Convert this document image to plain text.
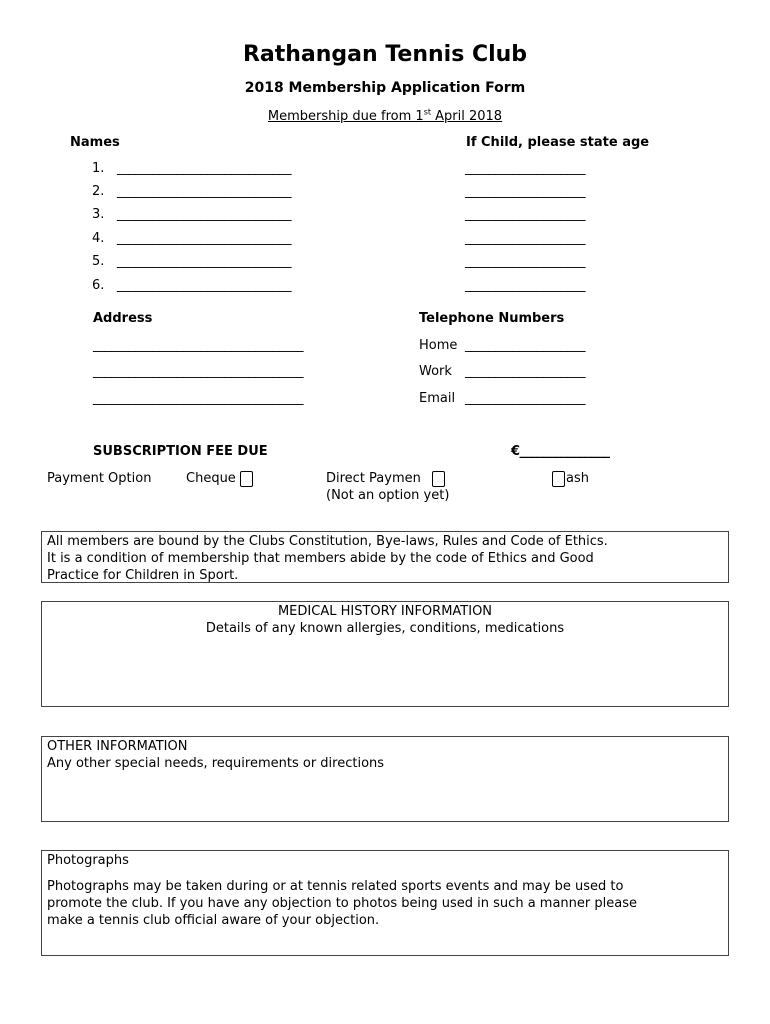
Rathangan Tennis Club
2018 Membership Application Form
Membership due from 1st April 2018
Names	If Child, please state age
1. _____________________________	____________________
2. _____________________________	____________________
3. _____________________________	____________________
4. _____________________________	____________________
5. _____________________________	____________________
6. _____________________________	____________________
Address	Telephone Numbers
___________________________________
___________________________________
___________________________________
Home ____________________
Work ____________________
Email ____________________
SUBSCRIPTION FEE DUE	€_______________
Payment Option	Cheque	Direct Paymen
(Not an option yet)
ash

All members are bound by the Clubs Constitution, Bye-laws, Rules and Code of Ethics.

It is a condition of membership that members abide by the code of Ethics and Good

Practice for Children in Sport.

MEDICAL HISTORY INFORMATION

Details of any known allergies, conditions, medications

OTHER INFORMATION

Any other special needs, requirements or directions

Photographs

Photographs may be taken during or at tennis related sports events and may be used to

promote the club. If you have any objection to photos being used in such a manner please

make a tennis club official aware of your objection.
